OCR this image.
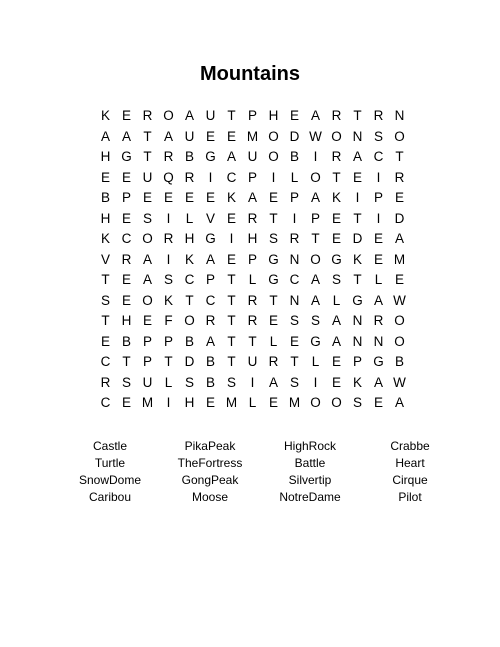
Mountains
K E R O A U T P H E A R T R N
A A T A U E E M O D W O N S O
H G T R B G A U O B	I	R A C T
E E U Q R	I	C P	I	L O T E	I	R
B P E E E E K A E P A K	I	P E
H E S	I	L V E R T	I	P E T	I	D
K C O R H G	I	H S R T E D E A
V R A	I	K A E P G N O G K E M
T E A S C P T L G C A S T L E
S E O K T C T R T N A L G A W
T H E F O R T R E S S A N R O
E B P P B A T T L E G A N N O
C T P T D B T U R T L E P G B
R S U L S B S	I	A S	I	E K A W
C E M I	H E M L E M O O S E A
Castle	PikaPeak	HighRock	Crabbe
Turtle	TheFortress	Battle	Heart
SnowDome	GongPeak	Silvertip	Cirque
Caribou	Moose	NotreDame	Pilot
